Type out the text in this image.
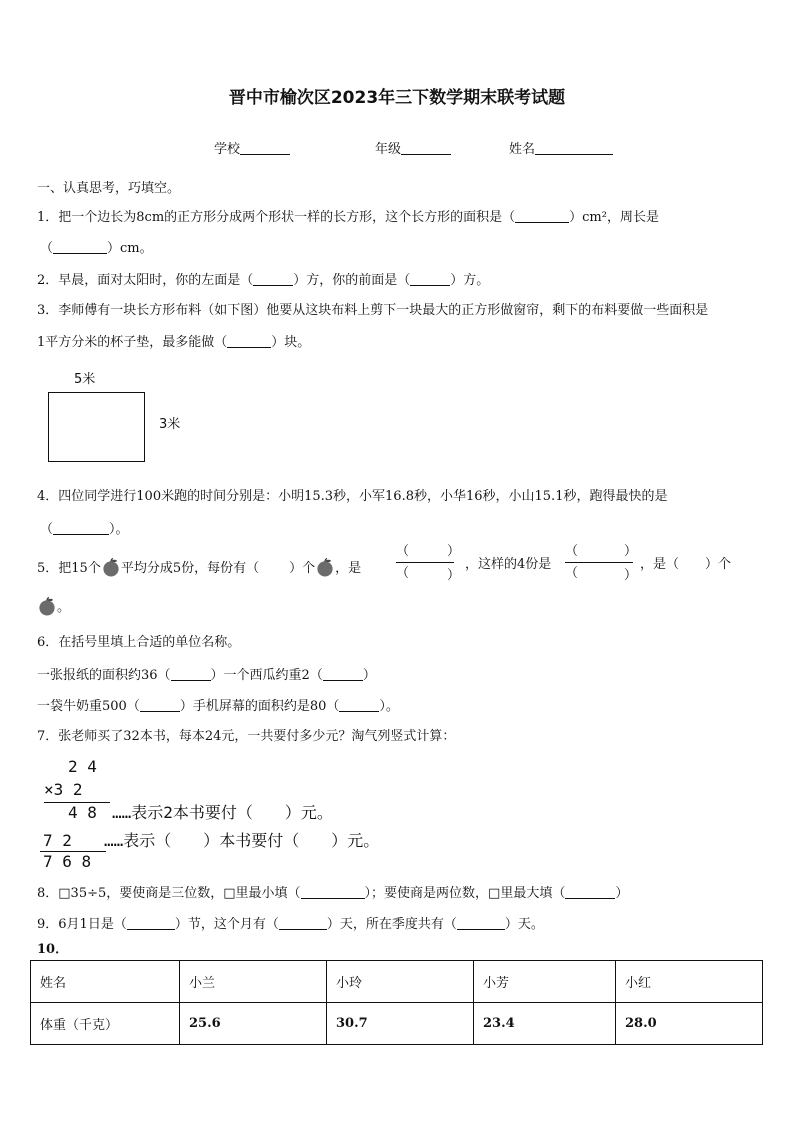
晋中市榆次区2023年三下数学期末联考试题
学校	年级	姓名
一、认真思考，巧填空。
1．把一个边长为8cm的正方形分成两个形状一样的长方形，这个长方形的面积是（	）cm²，周长是
（	）cm。
2．早晨，面对太阳时，你的左面是（	）方，你的前面是（	）方。
3．李师傅有一块长方形布料（如下图）他要从这块布料上剪下一块最大的正方形做窗帘，剩下的布料要做一些面积是
1平方分米的杯子垫，最多能做（	）块。
5米
3米
4．四位同学进行100米跑的时间分别是：小明15.3秒，小军16.8秒，小华16秒，小山15.1秒，跑得最快的是
（	）。
5．把15个 平均分成5份，每份有（ ）个 ，是
（
（
）
）
，这样的4份是
（
（
）
）
，是（ ）个
。
6．在括号里填上合适的单位名称。
一张报纸的面积约36（	）一个西瓜约重2（	）
一袋牛奶重500（	）手机屏幕的面积约是80（	）。
7．张老师买了32本书，每本24元，一共要付多少元？淘气列竖式计算：
2 4
×3 2
4 8 ……表示2本书要付（　　）元。
7 2 ……表示（　　）本书要付（　　）元。
7 6 8
8．□35÷5，要使商是三位数，□里最小填（	）；要使商是两位数，□里最大填（	）
9．6月1日是（	）节，这个月有（	）天，所在季度共有（	）天。
10．
姓名	小兰	小玲	小芳	小红
体重（千克）	25.6	30.7	23.4	28.0
